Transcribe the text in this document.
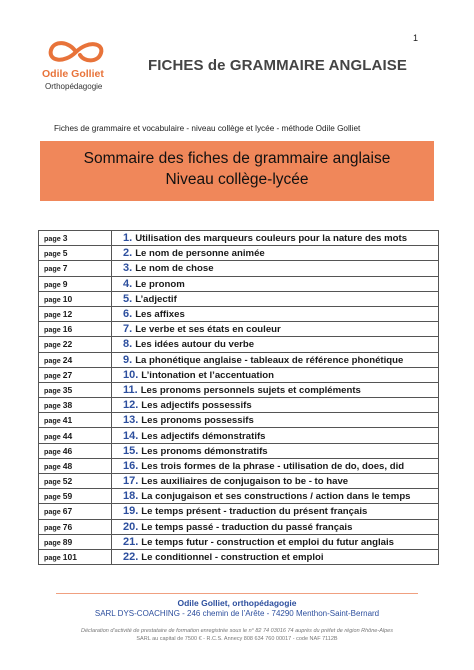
1
Odile Golliet
Orthopédagogie
FICHES de GRAMMAIRE ANGLAISE
Fiches de grammaire et vocabulaire - niveau collège et lycée - méthode Odile Golliet
Sommaire des fiches de grammaire anglaise
Niveau collège-lycée
page 3	1. Utilisation des marqueurs couleurs pour la nature des mots
page 5	2. Le nom de personne animée
page 7	3. Le nom de chose
page 9	4. Le pronom
page 10	5. L’adjectif
page 12	6. Les affixes
page 16	7. Le verbe et ses états en couleur
page 22	8. Les idées autour du verbe
page 24	9. La phonétique anglaise - tableaux de référence phonétique
page 27	10. L’intonation et l’accentuation
page 35	11. Les pronoms personnels sujets et compléments
page 38	12. Les adjectifs possessifs
page 41	13. Les pronoms possessifs
page 44	14. Les adjectifs démonstratifs
page 46	15. Les pronoms démonstratifs
page 48	16. Les trois formes de la phrase - utilisation de do, does, did
page 52	17. Les auxiliaires de conjugaison to be - to have
page 59	18. La conjugaison et ses constructions / action dans le temps
page 67	19. Le temps présent - traduction du présent français
page 76	20. Le temps passé - traduction du passé français
page 89	21. Le temps futur - construction et emploi du futur anglais
page 101	22. Le conditionnel - construction et emploi
Odile Golliet, orthopédagogie
SARL DYS-COACHING - 246 chemin de l’Arête - 74290 Menthon-Saint-Bernard
Déclaration d’activité de prestataire de formation enregistrée sous le n° 82 74 03016 74 auprès du préfet de région Rhône-Alpes
SARL au capital de 7500 € - R.C.S. Annecy 808 634 760 00017 - code NAF 7112B
